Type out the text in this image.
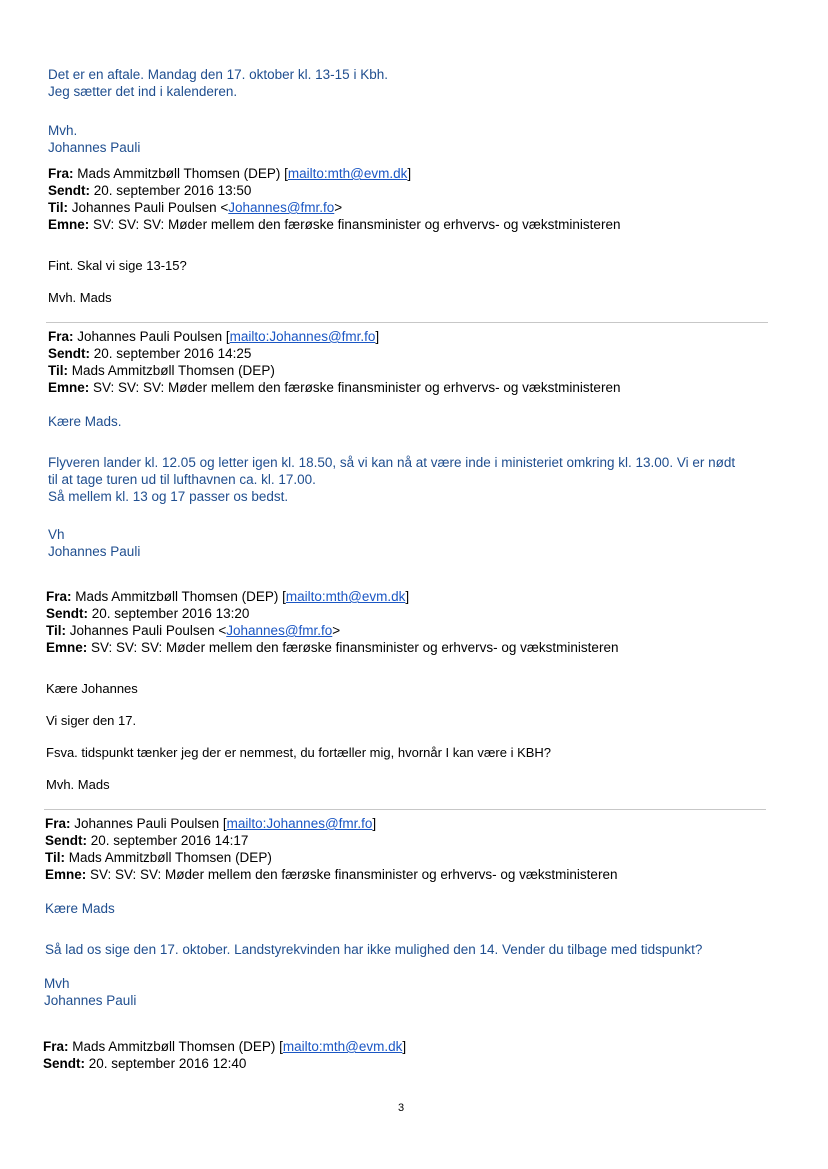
Det er en aftale. Mandag den 17. oktober kl. 13-15 i Kbh.
Jeg sætter det ind i kalenderen.
Mvh.
Johannes Pauli
Fra: Mads Ammitzbøll Thomsen (DEP) [mailto:mth@evm.dk]
Sendt: 20. september 2016 13:50
Til: Johannes Pauli Poulsen <Johannes@fmr.fo>
Emne: SV: SV: SV: Møder mellem den færøske finansminister og erhvervs- og vækstministeren
Fint. Skal vi sige 13-15?
Mvh. Mads
Fra: Johannes Pauli Poulsen [mailto:Johannes@fmr.fo]
Sendt: 20. september 2016 14:25
Til: Mads Ammitzbøll Thomsen (DEP)
Emne: SV: SV: SV: Møder mellem den færøske finansminister og erhvervs- og vækstministeren
Kære Mads.
Flyveren lander kl. 12.05 og letter igen kl. 18.50, så vi kan nå at være inde i ministeriet omkring kl. 13.00. Vi er nødt
til at tage turen ud til lufthavnen ca. kl. 17.00.
Så mellem kl. 13 og 17 passer os bedst.
Vh
Johannes Pauli
Fra: Mads Ammitzbøll Thomsen (DEP) [mailto:mth@evm.dk]
Sendt: 20. september 2016 13:20
Til: Johannes Pauli Poulsen <Johannes@fmr.fo>
Emne: SV: SV: SV: Møder mellem den færøske finansminister og erhvervs- og vækstministeren
Kære Johannes
Vi siger den 17.
Fsva. tidspunkt tænker jeg der er nemmest, du fortæller mig, hvornår I kan være i KBH?
Mvh. Mads
Fra: Johannes Pauli Poulsen [mailto:Johannes@fmr.fo]
Sendt: 20. september 2016 14:17
Til: Mads Ammitzbøll Thomsen (DEP)
Emne: SV: SV: SV: Møder mellem den færøske finansminister og erhvervs- og vækstministeren
Kære Mads
Så lad os sige den 17. oktober. Landstyrekvinden har ikke mulighed den 14. Vender du tilbage med tidspunkt?
Mvh
Johannes Pauli
Fra: Mads Ammitzbøll Thomsen (DEP) [mailto:mth@evm.dk]
Sendt: 20. september 2016 12:40
3
